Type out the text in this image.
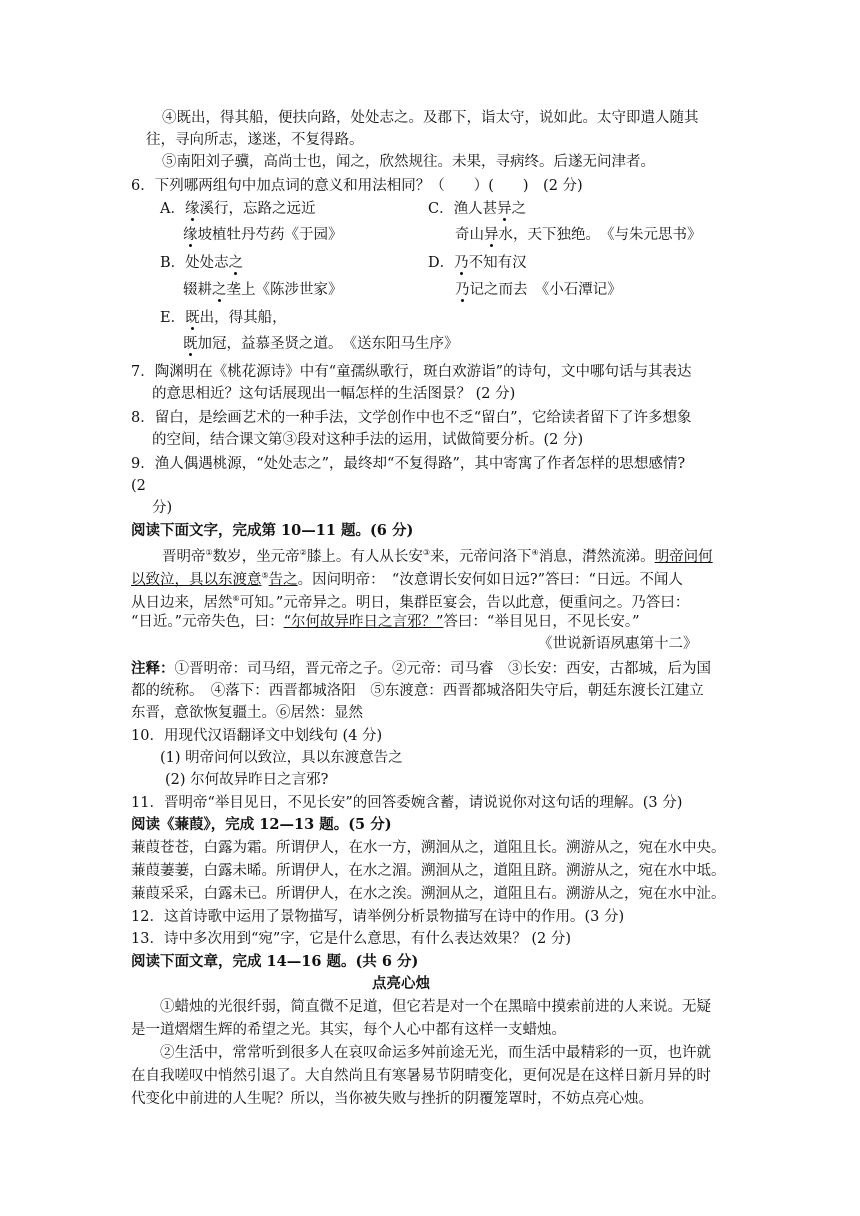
④既出，得其船，便扶向路，处处志之。及郡下，诣太守，说如此。太守即遣人随其
往，寻向所志，遂迷，不复得路。
⑤南阳刘子骥，高尚士也，闻之，欣然规往。未果，寻病终。后遂无问津者。
6．下列哪两组句中加点词的意义和用法相同？（　　）(　　)　(2 分)
A．缘溪行，忘路之远近
缘坡植牡丹芍药《于园》
C．渔人甚异之
奇山异水，天下独绝。　《与朱元思书》
B．处处志之
辍耕之垄上《陈涉世家》
D．乃不知有汉
乃记之而去　《小石潭记》
E．既出，得其船，
既加冠，益慕圣贤之道。　《送东阳马生序》
7．陶渊明在《桃花源诗》中有“童孺纵歌行，斑白欢游诣”的诗句，文中哪句话与其表达
的意思相近？这句话展现出一幅怎样的生活图景？ (2 分)
8．留白，是绘画艺术的一种手法，文学创作中也不乏“留白”，它给读者留下了许多想象
的空间，结合课文第③段对这种手法的运用，试做简要分析。(2 分)
9．渔人偶遇桃源，“处处志之”，最终却“不复得路”，其中寄寓了作者怎样的思想感情?
(2
分)
阅读下面文字，完成第 10—11 题。(6 分)
晋明帝①数岁，坐元帝②膝上。有人从长安③来，元帝问洛下④消息，潸然流涕。明帝问何
以致泣，具以东渡意⑤告之。因问明帝：　“汝意谓长安何如日远?”答曰：“日远。不闻人
从日边来，居然⑥可知。”元帝异之。明日，集群臣宴会，告以此意，便重问之。乃答曰：
“日近。”元帝失色，曰：“尔何故异昨日之言邪？”答曰：“举目见日，不见长安。”
《世说新语夙惠第十二》
注释：①晋明帝：司马绍，晋元帝之子。②元帝：司马睿　③长安：西安，古都城，后为国
都的统称。　④落下：西晋都城洛阳　⑤东渡意：西晋都城洛阳失守后，朝廷东渡长江建立
东晋，意欲恢复疆土。⑥居然：显然
10．用现代汉语翻译文中划线句 (4 分)
(1) 明帝问何以致泣，具以东渡意告之
(2) 尔何故异昨日之言邪?
11．晋明帝“举目见日，不见长安”的回答委婉含蓄，请说说你对这句话的理解。(3 分)
阅读《蒹葭》，完成 12—13 题。(5 分)
蒹葭苍苍，白露为霜。所谓伊人，在水一方，溯洄从之，道阻且长。溯游从之，宛在水中央。
蒹葭萋萋，白露未晞。所谓伊人，在水之湄。溯洄从之，道阻且跻。溯游从之，宛在水中坻。
蒹葭采采，白露未已。所谓伊人，在水之涘。溯洄从之，道阻且右。溯游从之，宛在水中沚。
12．这首诗歌中运用了景物描写，请举例分析景物描写在诗中的作用。(3 分)
13．诗中多次用到“宛”字，它是什么意思，有什么表达效果？ (2 分)
阅读下面文章，完成 14—16 题。(共 6 分)
点亮心烛
①蜡烛的光很纤弱，简直微不足道，但它若是对一个在黑暗中摸索前进的人来说。无疑
是一道熠熠生辉的希望之光。其实，每个人心中都有这样一支蜡烛。
②生活中，常常听到很多人在哀叹命运多舛前途无光，而生活中最精彩的一页，也许就
在自我嗟叹中悄然引退了。大自然尚且有寒暑易节阴晴变化，更何况是在这样日新月异的时
代变化中前进的人生呢？所以，当你被失败与挫折的阴覆笼罩时，不妨点亮心烛。
